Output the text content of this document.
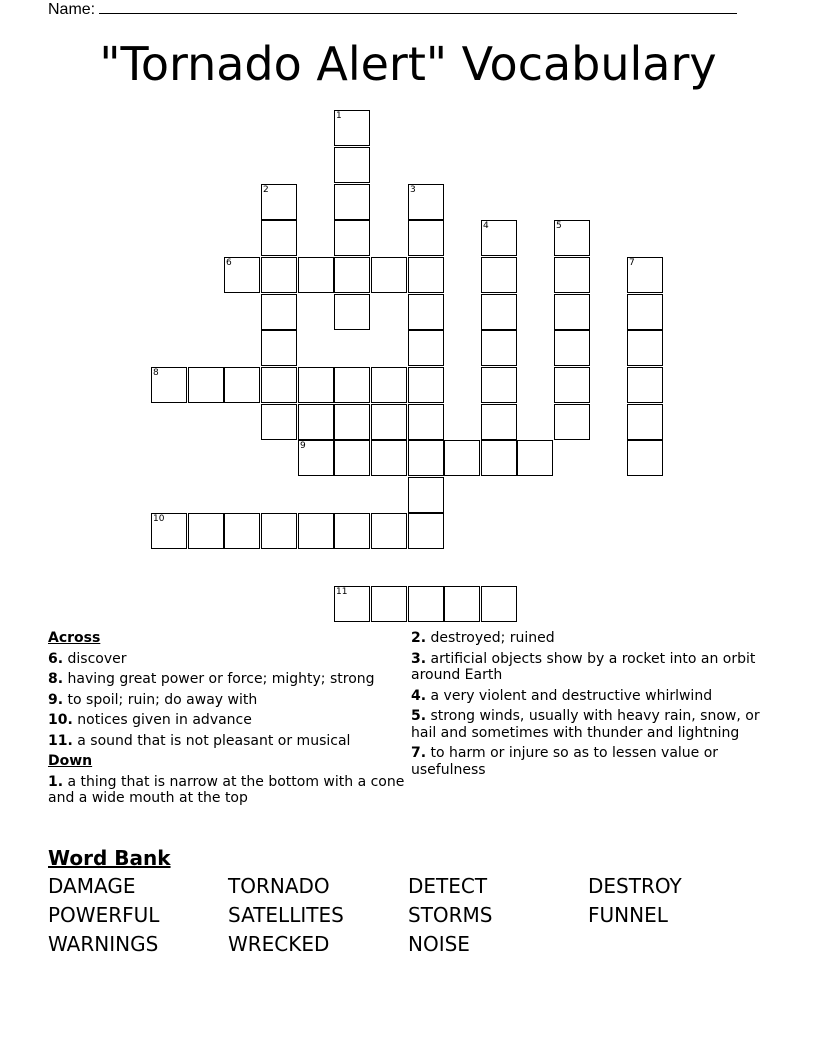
Name:
"Tornado Alert" Vocabulary
1
2	3
4	5
7
6
8
9
10
11
Across
6. discover
8. having great power or force; mighty; strong
9. to spoil; ruin; do away with
10. notices given in advance
11. a sound that is not pleasant or musical
Down
1. a thing that is narrow at the bottom with a cone and a wide mouth at the top
2. destroyed; ruined
3. artificial objects show by a rocket into an orbit around Earth
4. a very violent and destructive whirlwind
5. strong winds, usually with heavy rain, snow, or hail and sometimes with thunder and lightning
7. to harm or injure so as to lessen value or usefulness
Word Bank
DAMAGE	TORNADO	DETECT	DESTROY
POWERFUL	SATELLITES	STORMS	FUNNEL
WARNINGS	WRECKED	NOISE
